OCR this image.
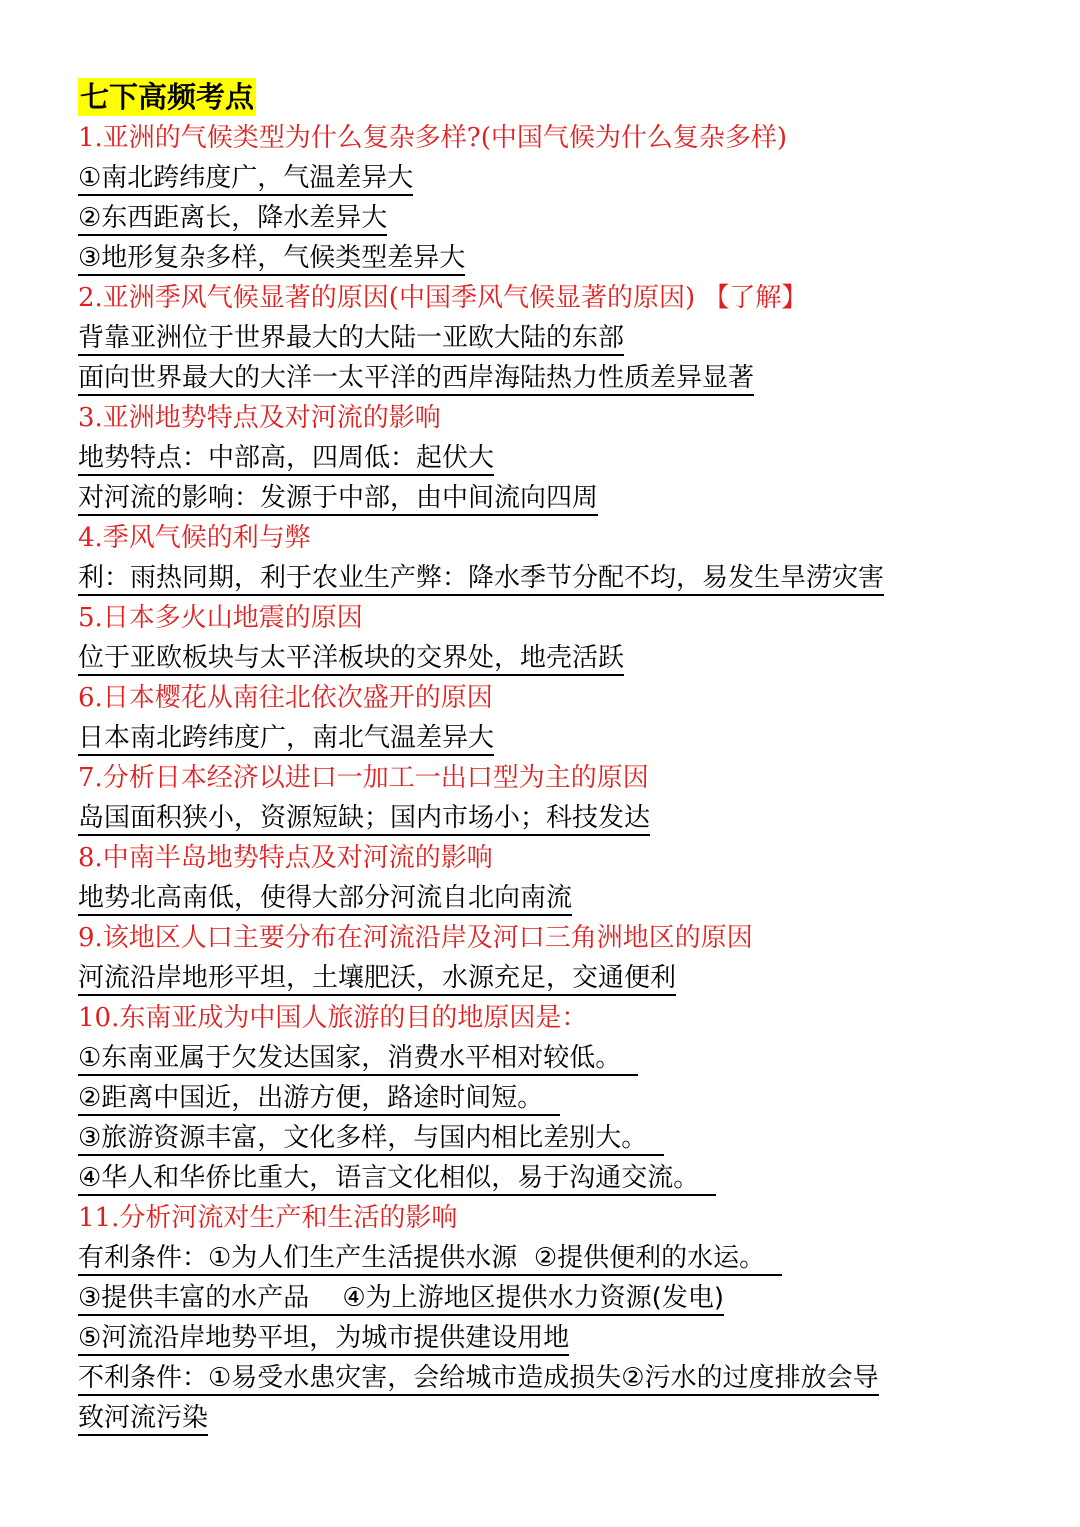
七下高频考点
1.亚洲的气候类型为什么复杂多样?(中国气候为什么复杂多样)
①南北跨纬度广，气温差异大
②东西距离长，降水差异大
③地形复杂多样，气候类型差异大
2.亚洲季风气候显著的原因(中国季风气候显著的原因) 【了解】
背靠亚洲位于世界最大的大陆一亚欧大陆的东部
面向世界最大的大洋一太平洋的西岸海陆热力性质差异显著
3.亚洲地势特点及对河流的影响
地势特点：中部高，四周低：起伏大
对河流的影响：发源于中部，由中间流向四周
4.季风气候的利与弊
利：雨热同期，利于农业生产弊：降水季节分配不均，易发生旱涝灾害
5.日本多火山地震的原因
位于亚欧板块与太平洋板块的交界处，地壳活跃
6.日本樱花从南往北依次盛开的原因
日本南北跨纬度广，南北气温差异大
7.分析日本经济以进口一加工一出口型为主的原因
岛国面积狭小，资源短缺；国内市场小；科技发达
8.中南半岛地势特点及对河流的影响
地势北高南低，使得大部分河流自北向南流
9.该地区人口主要分布在河流沿岸及河口三角洲地区的原因
河流沿岸地形平坦，土壤肥沃，水源充足，交通便利
10.东南亚成为中国人旅游的目的地原因是：
①东南亚属于欠发达国家，消费水平相对较低。
②距离中国近，出游方便，路途时间短。
③旅游资源丰富，文化多样，与国内相比差别大。
④华人和华侨比重大，语言文化相似，易于沟通交流。
11.分析河流对生产和生活的影响
有利条件：①为人们生产生活提供水源  ②提供便利的水运。
③提供丰富的水产品    ④为上游地区提供水力资源(发电)
⑤河流沿岸地势平坦，为城市提供建设用地
不利条件：①易受水患灾害，会给城市造成损失②污水的过度排放会导
致河流污染
